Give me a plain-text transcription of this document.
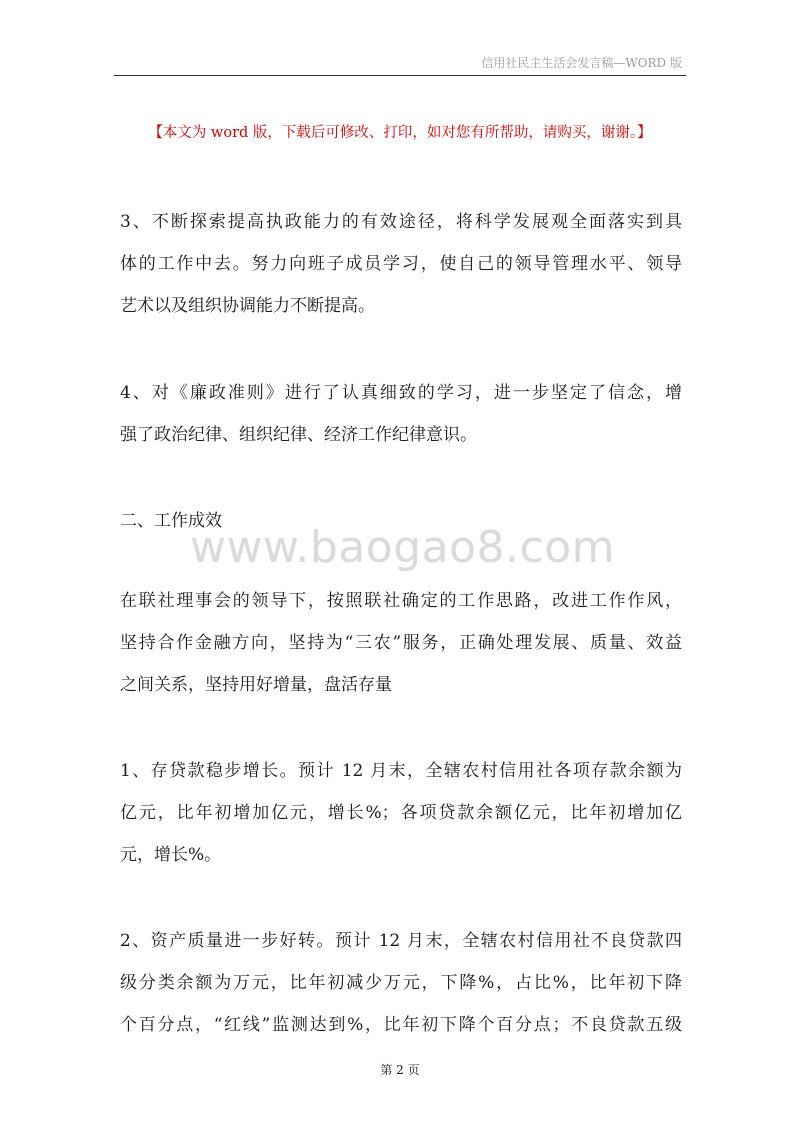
信用社民主生活会发言稿—WORD 版
【本文为 word 版，下载后可修改、打印，如对您有所帮助，请购买，谢谢。】
3、不断探索提高执政能力的有效途径，将科学发展观全面落实到具
体的工作中去。努力向班子成员学习，使自己的领导管理水平、领导
艺术以及组织协调能力不断提高。
4、对《廉政准则》进行了认真细致的学习，进一步坚定了信念，增
强了政治纪律、组织纪律、经济工作纪律意识。
二、工作成效
www.baogao8.com
在联社理事会的领导下，按照联社确定的工作思路，改进工作作风，
坚持合作金融方向，坚持为“三农”服务，正确处理发展、质量、效益
之间关系，坚持用好增量，盘活存量
1、存贷款稳步增长。预计 12 月末，全辖农村信用社各项存款余额为
亿元，比年初增加亿元，增长%；各项贷款余额亿元，比年初增加亿
元，增长%。
2、资产质量进一步好转。预计 12 月末，全辖农村信用社不良贷款四
级分类余额为万元，比年初减少万元，下降%，占比%，比年初下降
个百分点，“红线”监测达到%，比年初下降个百分点；不良贷款五级
第 2 页
